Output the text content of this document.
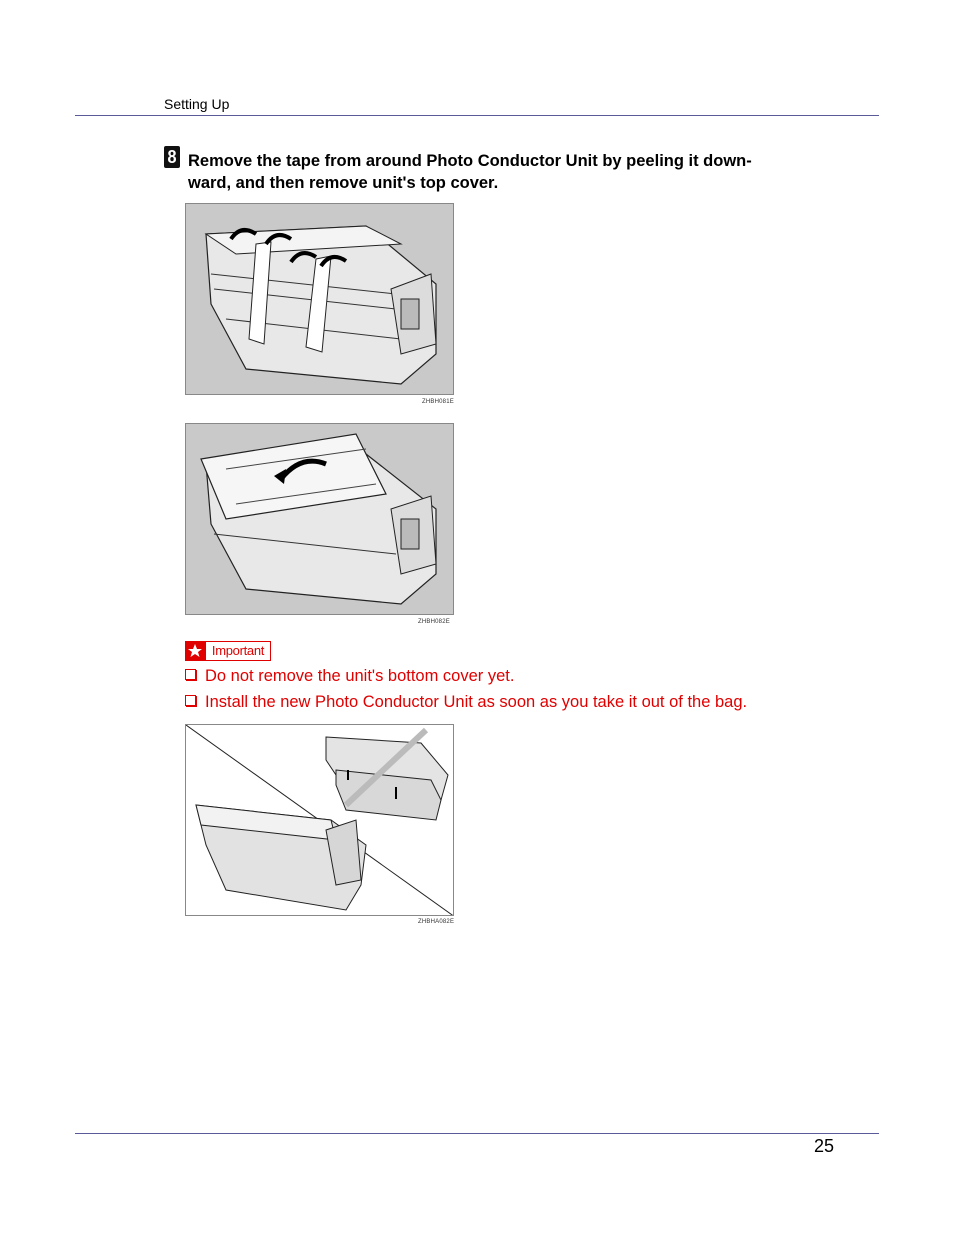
Setting Up
8 Remove the tape from around Photo Conductor Unit by peeling it down-
ward, and then remove unit's top cover.
ZHBH081E
ZHBH082E
Important
Do not remove the unit's bottom cover yet.
Install the new Photo Conductor Unit as soon as you take it out of the bag.
ZHBHA082E
25
